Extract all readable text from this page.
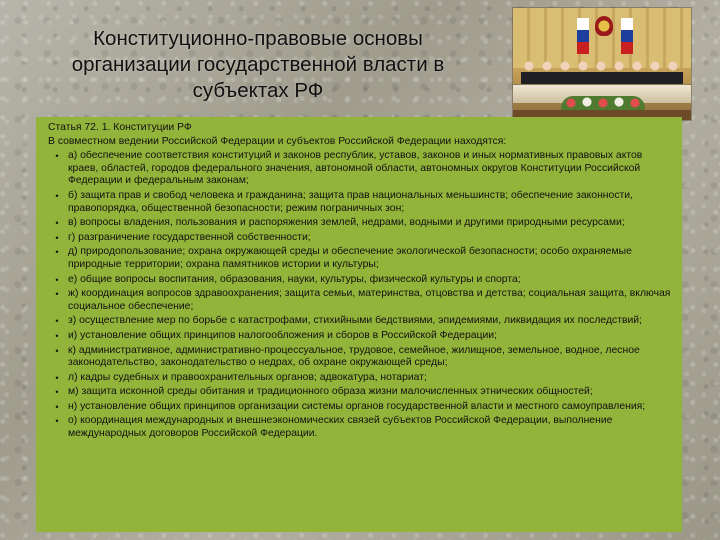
Конституционно-правовые основы
организации государственной власти в
субъектах РФ
Статья 72. 1. Конституции РФ
В совместном ведении Российской Федерации и субъектов Российской Федерации находятся:
• а) обеспечение соответствия конституций и законов республик, уставов, законов и иных нормативных правовых актов краев, областей, городов федерального значения, автономной области, автономных округов Конституции Российской Федерации и федеральным законам;
• б) защита прав и свобод человека и гражданина; защита прав национальных меньшинств; обеспечение законности, правопорядка, общественной безопасности; режим пограничных зон;
• в) вопросы владения, пользования и распоряжения землей, недрами, водными и другими природными ресурсами;
• г) разграничение государственной собственности;
• д) природопользование; охрана окружающей среды и обеспечение экологической безопасности; особо охраняемые природные территории; охрана памятников истории и культуры;
• е) общие вопросы воспитания, образования, науки, культуры, физической культуры и спорта;
• ж) координация вопросов здравоохранения; защита семьи, материнства, отцовства и детства; социальная защита, включая социальное обеспечение;
• з) осуществление мер по борьбе с катастрофами, стихийными бедствиями, эпидемиями, ликвидация их последствий;
• и) установление общих принципов налогообложения и сборов в Российской Федерации;
• к) административное, административно-процессуальное, трудовое, семейное, жилищное, земельное, водное, лесное законодательство, законодательство о недрах, об охране окружающей среды;
• л) кадры судебных и правоохранительных органов; адвокатура, нотариат;
• м) защита исконной среды обитания и традиционного образа жизни малочисленных этнических общностей;
• н) установление общих принципов организации системы органов государственной власти и местного самоуправления;
• о) координация международных и внешнеэкономических связей субъектов Российской Федерации, выполнение международных договоров Российской Федерации.
